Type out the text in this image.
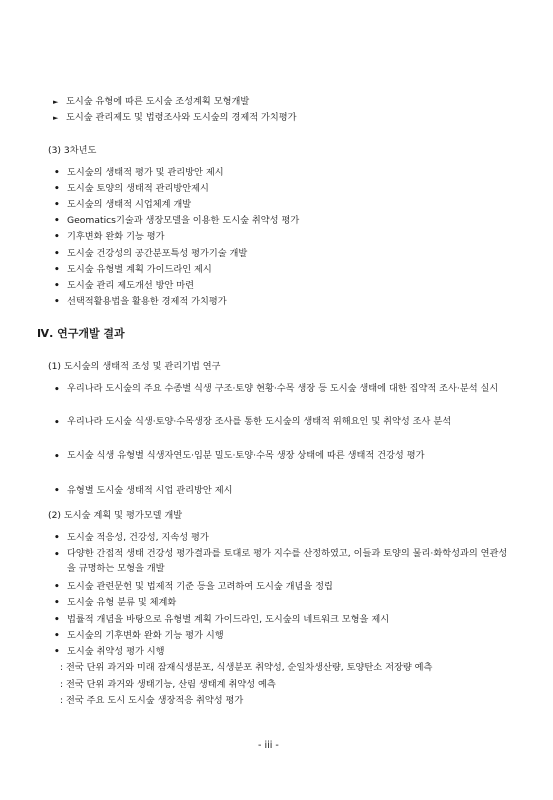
► 도시숲 유형에 따른 도시숲 조성계획 모형개발
► 도시숲 관리제도 및 법령조사와 도시숲의 경제적 가치평가
(3) 3차년도
• 도시숲의 생태적 평가 및 관리방안 제시
• 도시숲 토양의 생태적 관리방안제시
• 도시숲의 생태적 시업체계 개발
• Geomatics기술과 생장모델을 이용한 도시숲 취약성 평가
• 기후변화 완화 기능 평가
• 도시숲 건강성의 공간분포특성 평가기술 개발
• 도시숲 유형별 계획 가이드라인 제시
• 도시숲 관리 제도개선 방안 마련
• 선택적활용법을 활용한 경제적 가치평가
Ⅳ. 연구개발 결과
(1) 도시숲의 생태적 조성 및 관리기법 연구
• 우리나라 도시숲의 주요 수종별 식생 구조·토양 현황·수목 생장 등 도시숲 생태에 대한 집약적 조사·분석 실시
• 우리나라 도시숲 식생·토양·수목생장 조사를 통한 도시숲의 생태적 위해요인 및 취약성 조사 분석
• 도시숲 식생 유형별 식생자연도·임분 밀도·토양·수목 생장 상태에 따른 생태적 건강성 평가
• 유형별 도시숲 생태적 시업 관리방안 제시
(2) 도시숲 계획 및 평가모델 개발
• 도시숲 적응성, 건강성, 지속성 평가
• 다양한 간접적 생태 건강성 평가결과를 토대로 평가 지수를 산정하였고, 이들과 토양의 물리·화학성과의 연관성을 규명하는 모형을 개발
• 도시숲 관련문헌 및 법제적 기준 등을 고려하여 도시숲 개념을 정립
• 도시숲 유형 분류 및 체계화
• 법률적 개념을 바탕으로 유형별 계획 가이드라인, 도시숲의 네트워크 모형을 제시
• 도시숲의 기후변화 완화 기능 평가 시행
• 도시숲 취약성 평가 시행
: 전국 단위 과거와 미래 잠재식생분포, 식생분포 취약성, 순일차생산량, 토양탄소 저장량 예측
: 전국 단위 과거와 생태기능, 산림 생태계 취약성 예측
: 전국 주요 도시 도시숲 생장적응 취약성 평가
- iii -
